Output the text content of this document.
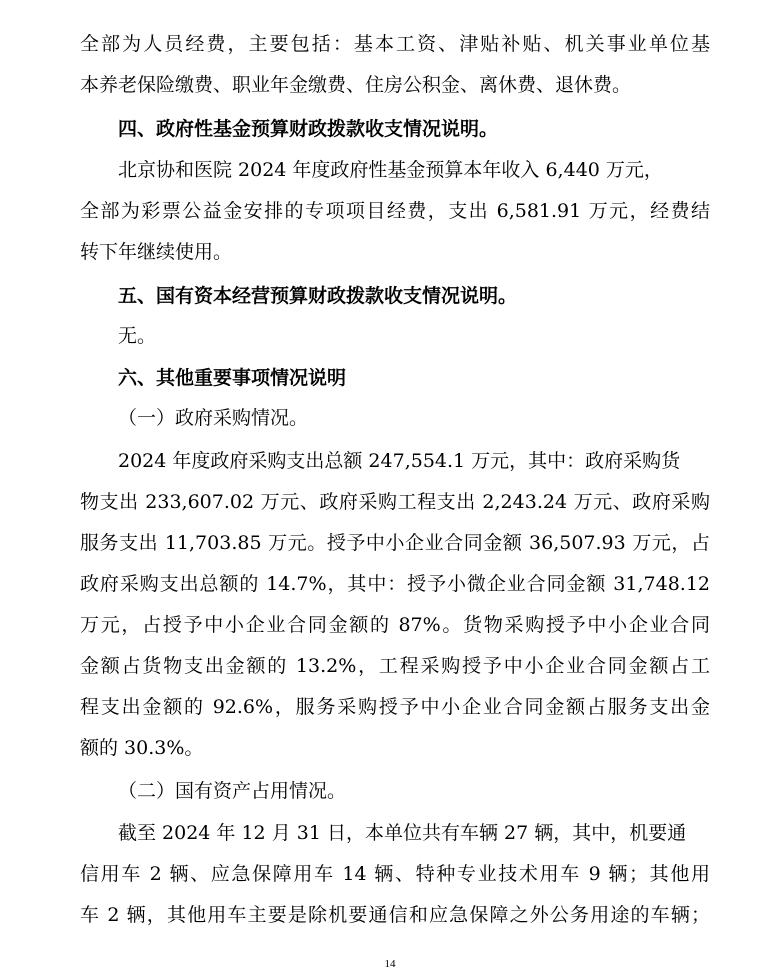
全部为人员经费，主要包括：基本工资、津贴补贴、机关事业单位基
本养老保险缴费、职业年金缴费、住房公积金、离休费、退休费。
四、政府性基金预算财政拨款收支情况说明。
北京协和医院 2024 年度政府性基金预算本年收入 6,440 万元，
全部为彩票公益金安排的专项项目经费，支出 6,581.91 万元，经费结
转下年继续使用。
五、国有资本经营预算财政拨款收支情况说明。
无。
六、其他重要事项情况说明
（一）政府采购情况。
2024 年度政府采购支出总额 247,554.1 万元，其中：政府采购货
物支出 233,607.02 万元、政府采购工程支出 2,243.24 万元、政府采购
服务支出 11,703.85 万元。授予中小企业合同金额 36,507.93 万元，占
政府采购支出总额的 14.7%，其中：授予小微企业合同金额 31,748.12
万元，占授予中小企业合同金额的 87%。货物采购授予中小企业合同
金额占货物支出金额的 13.2%，工程采购授予中小企业合同金额占工
程支出金额的 92.6%，服务采购授予中小企业合同金额占服务支出金
额的 30.3%。
（二）国有资产占用情况。
截至 2024 年 12 月 31 日，本单位共有车辆 27 辆，其中，机要通
信用车 2 辆、应急保障用车 14 辆、特种专业技术用车 9 辆；其他用
车 2 辆，其他用车主要是除机要通信和应急保障之外公务用途的车辆；
14
